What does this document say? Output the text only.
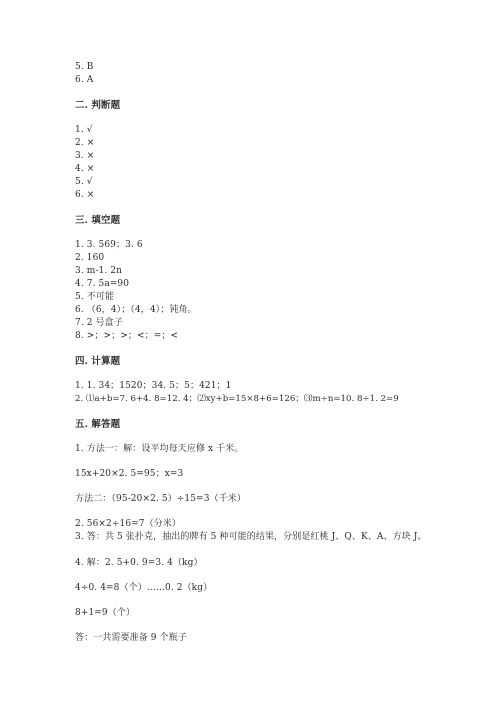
5. B
6. A
二. 判断题
1. √
2. ×
3. ×
4. ×
5. √
6. ×
三. 填空题
1. 3. 569；3. 6
2. 160
3. m-1. 2n
4. 7. 5a=90
5. 不可能
6. （6，4）；（4，4）；钝角。
7. 2 号盒子
8. >；>；>；<；=；<
四. 计算题
1. 1. 34；1520；34. 5；5；421；1
2. ⑴a+b=7. 6+4. 8=12. 4；⑵xy+b=15×8+6=126；⑶m÷n=10. 8÷1. 2=9
五. 解答题
1. 方法一：解：设平均每天应修 x 千米。
15x+20×2. 5=95；x=3
方法二：（95-20×2. 5）÷15=3（千米）
2. 56×2÷16=7（分米）
3. 答：共 5 张扑克，抽出的牌有 5 种可能的结果，分别是红桃 J、Q、K、A、方块 J。
4. 解：2. 5+0. 9=3. 4（kg）
4÷0. 4=8（个）……0. 2（kg）
8+1=9（个）
答：一共需要准备 9 个瓶子
